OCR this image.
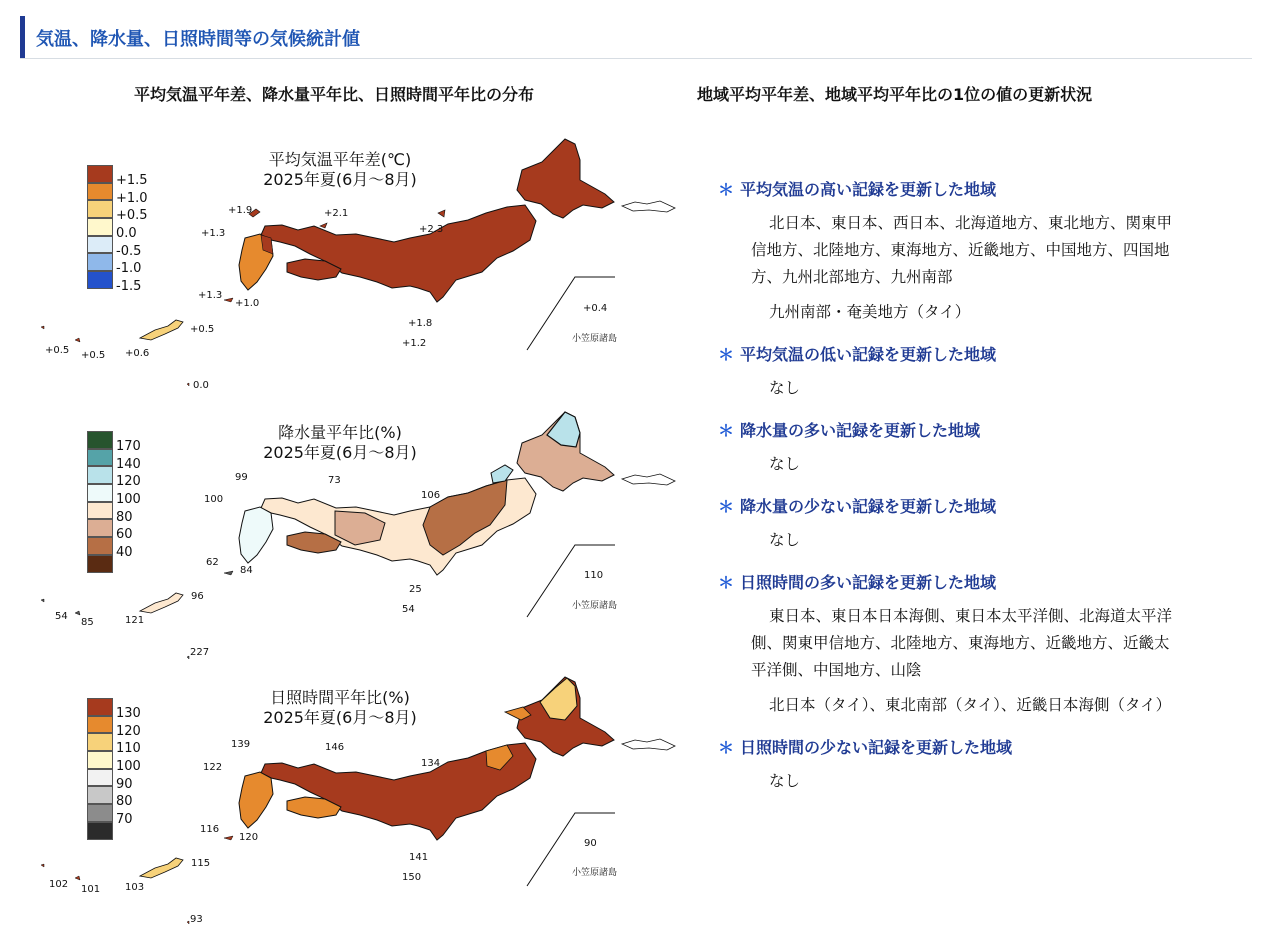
気温、降水量、日照時間等の気候統計値
平均気温平年差、降水量平年比、日照時間平年比の分布	地域平均平年差、地域平均平年比の1位の値の更新状況
平均気温平年差(℃)
2025年夏(6月〜8月)
+1.5
+1.0
+0.5
0.0
-0.5
-1.0
-1.5
+1.9	+2.1
+1.3	+2.3
+1.3
+1.0
+0.5
+1.8
+1.2
+0.5 +0.5 +0.6
0.0
+0.4
小笠原諸島
降水量平年比(%)
2025年夏(6月〜8月)
170
140
120
100
80
60
40
99	73
100	106
62
84
25
54
96
121
85
54
227
110
小笠原諸島
日照時間平年比(%)
2025年夏(6月〜8月)
130
120
110
100
90
80
70
139	146
122	134
116
120
141
150
115
102 101 103
93
90
小笠原諸島
＊ 平均気温の高い記録を更新した地域

北日本、東日本、西日本、北海道地方、東北地方、関東甲

信地方、北陸地方、東海地方、近畿地方、中国地方、四国地

方、九州北部地方、九州南部

九州南部・奄美地方（タイ）
＊ 平均気温の低い記録を更新した地域

なし

＊ 降水量の多い記録を更新した地域

なし

＊ 降水量の少ない記録を更新した地域

なし

＊ 日照時間の多い記録を更新した地域

東日本、東日本日本海側、東日本太平洋側、北海道太平洋

側、関東甲信地方、北陸地方、東海地方、近畿地方、近畿太

平洋側、中国地方、山陰

北日本（タイ）、東北南部（タイ）、近畿日本海側（タイ）
＊ 日照時間の少ない記録を更新した地域

なし
